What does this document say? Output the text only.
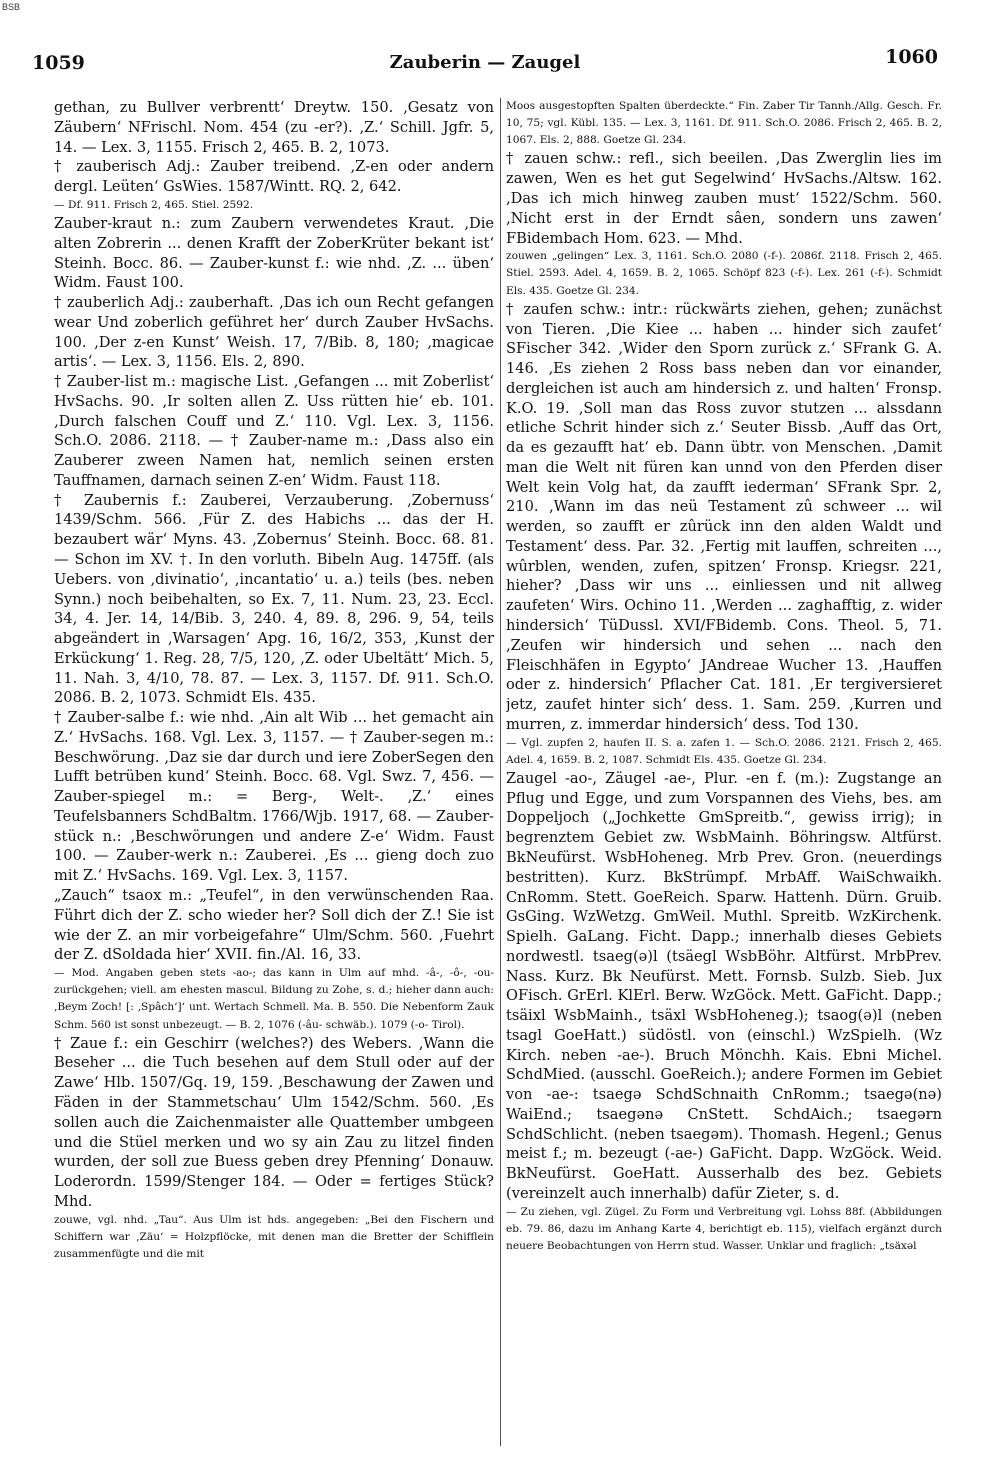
BSB
1059	Zauberin — Zaugel	1060

gethan, zu Bullver verbrentt‘ Dreytw. 150. ‚Gesatz von Zäubern‘ NFrischl. Nom. 454 (zu -er?). ‚Z.‘ Schill. Jgfr. 5, 14. — Lex. 3, 1155. Frisch 2, 465. B. 2, 1073.

† zauberisch Adj.: Zauber treibend. ‚Z-en oder andern dergl. Leüten‘ GsWies. 1587/Wintt. RQ. 2, 642.

— Df. 911. Frisch 2, 465. Stiel. 2592.

Zauber-kraut n.: zum Zaubern verwendetes Kraut. ‚Die alten Zobrerin ... denen Krafft der ZoberKrüter bekant ist‘ Steinh. Bocc. 86. — Zauber-kunst f.: wie nhd. ‚Z. ... üben‘ Widm. Faust 100.

† zauberlich Adj.: zauberhaft. ‚Das ich oun Recht gefangen wear Und zoberlich geführet her‘ durch Zauber HvSachs. 100. ‚Der z-en Kunst‘ Weish. 17, 7/Bib. 8, 180; ‚magicae artis‘. — Lex. 3, 1156. Els. 2, 890.

† Zauber-list m.: magische List. ‚Gefangen ... mit Zoberlist‘ HvSachs. 90. ‚Ir solten allen Z. Uss rütten hie‘ eb. 101. ‚Durch falschen Couff und Z.‘ 110. Vgl. Lex. 3, 1156. Sch.O. 2086. 2118. — † Zauber-name m.: ‚Dass also ein Zauberer zween Namen hat, nemlich seinen ersten Tauffnamen, darnach seinen Z-en‘ Widm. Faust 118.

† Zaubernis f.: Zauberei, Verzauberung. ‚Zobernuss‘ 1439/Schm. 566. ‚Für Z. des Habichs ... das der H. bezaubert wär‘ Myns. 43. ‚Zobernus‘ Steinh. Bocc. 68. 81. — Schon im XV. †. In den vorluth. Bibeln Aug. 1475ff. (als Uebers. von ‚divinatio‘, ‚incantatio‘ u. a.) teils (bes. neben Synn.) noch beibehalten, so Ex. 7, 11. Num. 23, 23. Eccl. 34, 4. Jer. 14, 14/Bib. 3, 240. 4, 89. 8, 296. 9, 54, teils abgeändert in ‚Warsagen‘ Apg. 16, 16/2, 353, ‚Kunst der Erkückung‘ 1. Reg. 28, 7/5, 120, ‚Z. oder Ubeltätt‘ Mich. 5, 11. Nah. 3, 4/10, 78. 87. — Lex. 3, 1157. Df. 911. Sch.O. 2086. B. 2, 1073. Schmidt Els. 435.

† Zauber-salbe f.: wie nhd. ‚Ain alt Wib ... het gemacht ain Z.‘ HvSachs. 168. Vgl. Lex. 3, 1157. — † Zauber-segen m.: Beschwörung. ‚Daz sie dar durch und iere ZoberSegen den Lufft betrüben kund‘ Steinh. Bocc. 68. Vgl. Swz. 7, 456. — Zauber-spiegel m.: = Berg-, Welt-. ‚Z.‘ eines Teufelsbanners SchdBaltm. 1766/Wjb. 1917, 68. — Zauber-stück n.: ‚Beschwörungen und andere Z-e‘ Widm. Faust 100. — Zauber-werk n.: Zauberei. ‚Es ... gieng doch zuo mit Z.‘ HvSachs. 169. Vgl. Lex. 3, 1157.

„Zauch“ tsaox m.: „Teufel“, in den verwünschenden Raa. Führt dich der Z. scho wieder her? Soll dich der Z.! Sie ist wie der Z. an mir vorbeigefahre“ Ulm/Schm. 560. ‚Fuehrt der Z. dSoldada hier‘ XVII. fin./Al. 16, 33.

— Mod. Angaben geben stets -ao-; das kann in Ulm auf mhd. -â-, -ô-, -ou- zurückgehen; viell. am ehesten mascul. Bildung zu Zohe, s. d.; hieher dann auch: ‚Beym Zoch! [: ‚Spâch‘]‘ unt. Wertach Schmell. Ma. B. 550. Die Nebenform Zauk Schm. 560 ist sonst unbezeugt. — B. 2, 1076 (-âu- schwäb.). 1079 (-o- Tirol).

† Zaue f.: ein Geschirr (welches?) des Webers. ‚Wann die Beseher ... die Tuch besehen auf dem Stull oder auf der Zawe‘ Hlb. 1507/Gq. 19, 159. ‚Beschawung der Zawen und Fäden in der Stammetschau‘ Ulm 1542/Schm. 560. ‚Es sollen auch die Zaichenmaister alle Quattember umbgeen und die Stüel merken und wo sy ain Zau zu litzel finden wurden, der soll zue Buess geben drey Pfenning‘ Donauw. Loderordn. 1599/Stenger 184. — Oder = fertiges Stück? Mhd.

zouwe, vgl. nhd. „Tau“. Aus Ulm ist hds. angegeben: „Bei den Fischern und Schiffern war ‚Zäu‘ = Holzpflöcke, mit denen man die Bretter der Schifflein zusammenfügte und die mit

Moos ausgestopften Spalten überdeckte.“ Fin. Zaber Tir Tannh./Allg. Gesch. Fr. 10, 75; vgl. Kübl. 135. — Lex. 3, 1161. Df. 911. Sch.O. 2086. Frisch 2, 465. B. 2, 1067. Els. 2, 888. Goetze Gl. 234.

† zauen schw.: refl., sich beeilen. ‚Das Zwerglin lies im zawen, Wen es het gut Segelwind‘ HvSachs./Altsw. 162. ‚Das ich mich hinweg zauben must‘ 1522/Schm. 560. ‚Nicht erst in der Erndt sâen, sondern uns zawen‘ FBidembach Hom. 623. — Mhd.

zouwen „gelingen“ Lex. 3, 1161. Sch.O. 2080 (-f-). 2086f. 2118. Frisch 2, 465. Stiel. 2593. Adel. 4, 1659. B. 2, 1065. Schöpf 823 (-f-). Lex. 261 (-f-). Schmidt Els. 435. Goetze Gl. 234.

† zaufen schw.: intr.: rückwärts ziehen, gehen; zunächst von Tieren. ‚Die Kiee ... haben ... hinder sich zaufet‘ SFischer 342. ‚Wider den Sporn zurück z.‘ SFrank G. A. 146. ‚Es ziehen 2 Ross bass neben dan vor einander, dergleichen ist auch am hindersich z. und halten‘ Fronsp. K.O. 19. ‚Soll man das Ross zuvor stutzen ... alssdann etliche Schrit hinder sich z.‘ Seuter Bissb. ‚Auff das Ort, da es gezaufft hat‘ eb. Dann übtr. von Menschen. ‚Damit man die Welt nit füren kan unnd von den Pferden diser Welt kein Volg hat, da zaufft iederman‘ SFrank Spr. 2, 210. ‚Wann im das neü Testament zû schweer ... wil werden, so zaufft er zûrück inn den alden Waldt und Testament‘ dess. Par. 32. ‚Fertig mit lauffen, schreiten ..., wûrblen, wenden, zufen, spitzen‘ Fronsp. Kriegsr. 221, hieher? ‚Dass wir uns ... einliessen und nit allweg zaufeten‘ Wirs. Ochino 11. ‚Werden ... zaghafftig, z. wider hindersich‘ TüDussl. XVI/FBidemb. Cons. Theol. 5, 71. ‚Zeufen wir hindersich und sehen ... nach den Fleischhäfen in Egypto‘ JAndreae Wucher 13. ‚Hauffen oder z. hindersich‘ Pflacher Cat. 181. ‚Er tergiversieret jetz, zaufet hinter sich‘ dess. 1. Sam. 259. ‚Kurren und murren, z. immerdar hindersich‘ dess. Tod 130.

— Vgl. zupfen 2, haufen II. S. a. zafen 1. — Sch.O. 2086. 2121. Frisch 2, 465. Adel. 4, 1659. B. 2, 1087. Schmidt Els. 435. Goetze Gl. 234.

Zaugel -ao-, Zäugel -ae-, Plur. -en f. (m.): Zugstange an Pflug und Egge, und zum Vorspannen des Viehs, bes. am Doppeljoch („Jochkette GmSpreitb.“, gewiss irrig); in begrenztem Gebiet zw. WsbMainh. Böhringsw. Altfürst. BkNeufürst. WsbHoheneg. Mrb Prev. Gron. (neuerdings bestritten). Kurz. BkStrümpf. MrbAff. WaiSchwaikh. CnRomm. Stett. GoeReich. Sparw. Hattenh. Dürn. Gruib. GsGing. WzWetzg. GmWeil. Muthl. Spreitb. WzKirchenk. Spielh. GaLang. Ficht. Dapp.; innerhalb dieses Gebiets nordwestl. tsaeg(ə)l (tsäegl WsbBöhr. Altfürst. MrbPrev. Nass. Kurz. Bk Neufürst. Mett. Fornsb. Sulzb. Sieb. Jux OFisch. GrErl. KlErl. Berw. WzGöck. Mett. GaFicht. Dapp.; tsäixl WsbMainh., tsäxl WsbHoheneg.); tsaog(ə)l (neben tsagl GoeHatt.) südöstl. von (einschl.) WzSpielh. (Wz Kirch. neben -ae-). Bruch Mönchh. Kais. Ebni Michel. SchdMied. (ausschl. GoeReich.); andere Formen im Gebiet von -ae-: tsaegə SchdSchnaith CnRomm.; tsaegə(nə) WaiEnd.; tsaegənə CnStett. SchdAich.; tsaegərn SchdSchlicht. (neben tsaegəm). Thomash. Hegenl.; Genus meist f.; m. bezeugt (-ae-) GaFicht. Dapp. WzGöck. Weid. BkNeufürst. GoeHatt. Ausserhalb des bez. Gebiets (vereinzelt auch innerhalb) dafür Zieter, s. d.

— Zu ziehen, vgl. Zügel. Zu Form und Verbreitung vgl. Lohss 88f. (Abbildungen eb. 79. 86, dazu im Anhang Karte 4, berichtigt eb. 115), vielfach ergänzt durch neuere Beobachtungen von Herrn stud. Wasser. Unklar und fraglich: „tsäxəl
